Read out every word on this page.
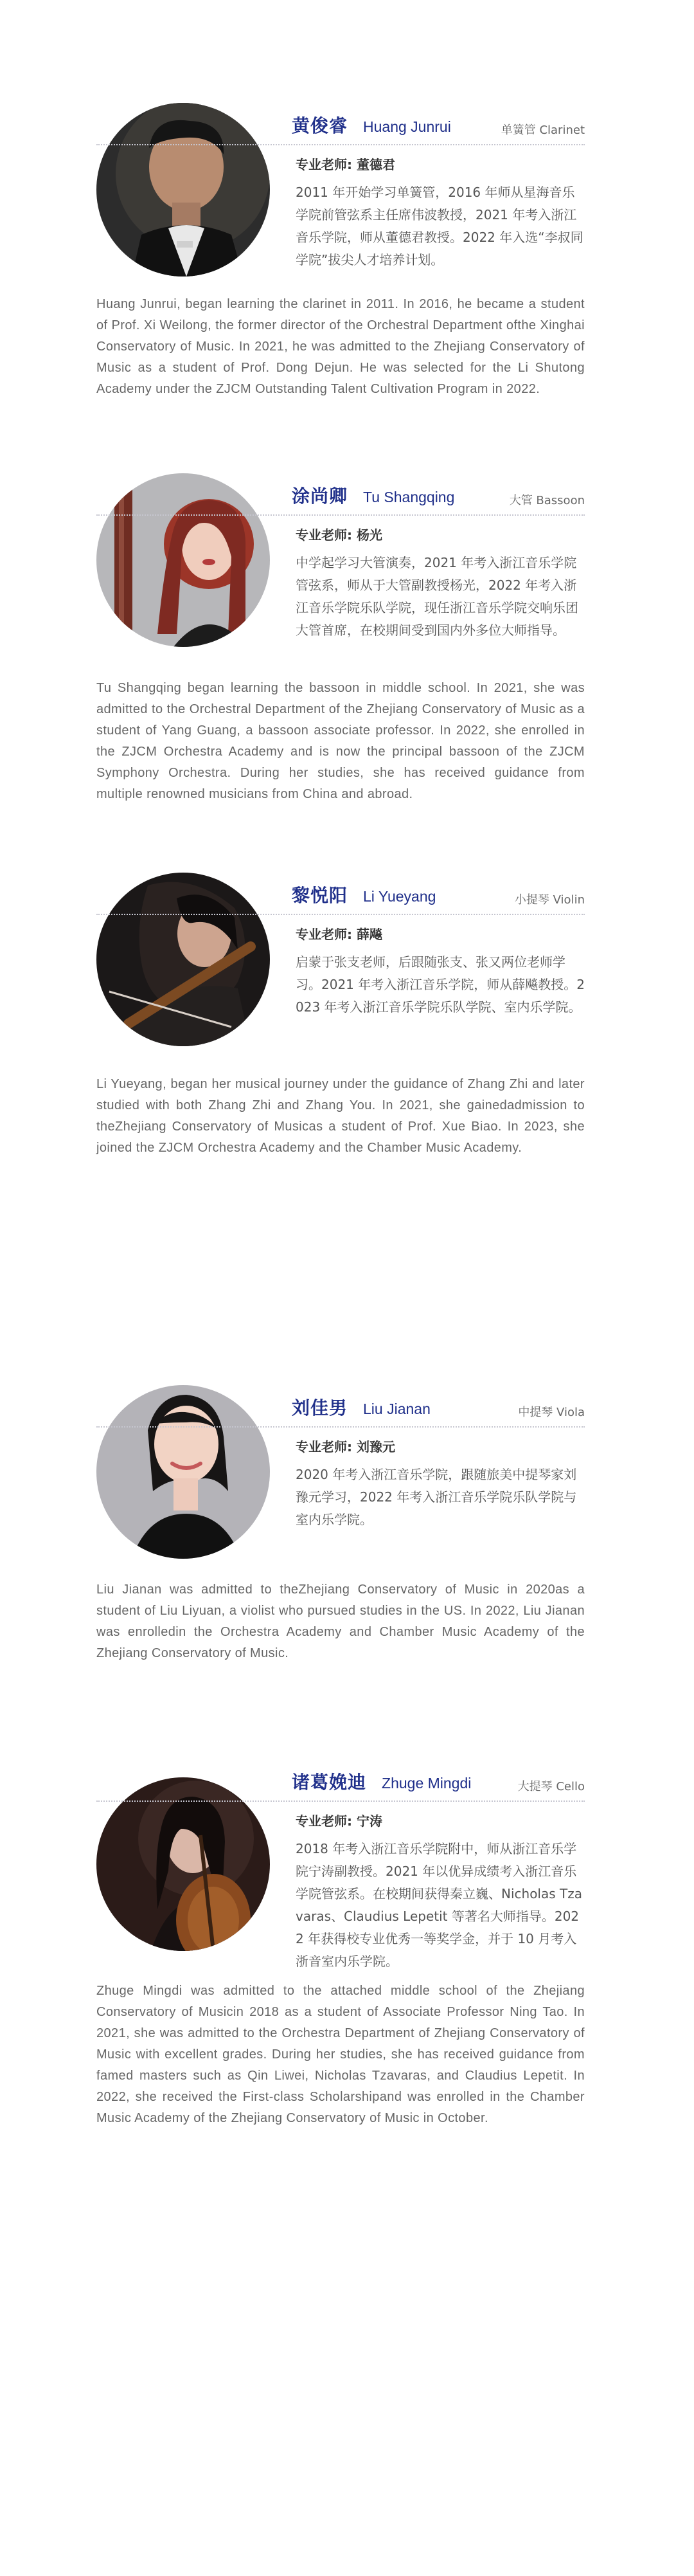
黄俊睿 Huang Junrui	单簧管 Clarinet
专业老师: 董德君
2011 年开始学习单簧管，2016 年师从星海音乐学院前管弦系主任席伟波教授，2021 年考入浙江音乐学院，师从董德君教授。2022 年入选“李叔同学院”拔尖人才培养计划。
Huang Junrui, began learning the clarinet in 2011. In 2016, he became a student of Prof. Xi Weilong, the former director of the Orchestral Department ofthe Xinghai Conservatory of Music. In 2021, he was admitted to the Zhejiang Conservatory of Music as a student of Prof. Dong Dejun. He was selected for the Li Shutong Academy under the ZJCM Outstanding Talent Cultivation Program in 2022.
涂尚卿 Tu Shangqing	大管 Bassoon
专业老师: 杨光
中学起学习大管演奏，2021 年考入浙江音乐学院管弦系，师从于大管副教授杨光，2022 年考入浙江音乐学院乐队学院，现任浙江音乐学院交响乐团大管首席，在校期间受到国内外多位大师指导。
Tu Shangqing began learning the bassoon in middle school. In 2021, she was admitted to the Orchestral Department of the Zhejiang Conservatory of Music as a student of Yang Guang, a bassoon associate professor. In 2022, she enrolled in the ZJCM Orchestra Academy and is now the principal bassoon of the ZJCM Symphony Orchestra. During her studies, she has received guidance from multiple renowned musicians from China and abroad.
黎悦阳 Li Yueyang	小提琴 Violin
专业老师: 薛飚
启蒙于张支老师，后跟随张支、张又两位老师学习。2021 年考入浙江音乐学院，师从薛飚教授。2023 年考入浙江音乐学院乐队学院、室内乐学院。
Li Yueyang, began her musical journey under the guidance of Zhang Zhi and later studied with both Zhang Zhi and Zhang You. In 2021, she gainedadmission to theZhejiang Conservatory of Musicas a student of Prof. Xue Biao. In 2023, she joined the ZJCM Orchestra Academy and the Chamber Music Academy.
刘佳男 Liu Jianan	中提琴 Viola
专业老师: 刘豫元
2020 年考入浙江音乐学院，跟随旅美中提琴家刘豫元学习，2022 年考入浙江音乐学院乐队学院与室内乐学院。
Liu Jianan was admitted to theZhejiang Conservatory of Music in 2020as a student of Liu Liyuan, a violist who pursued studies in the US. In 2022, Liu Jianan was enrolledin the Orchestra Academy and Chamber Music Academy of the Zhejiang Conservatory of Music.
诸葛娩迪 Zhuge Mingdi	大提琴 Cello
专业老师: 宁涛
2018 年考入浙江音乐学院附中，师从浙江音乐学院宁涛副教授。2021 年以优异成绩考入浙江音乐学院管弦系。在校期间获得秦立巍、Nicholas Tzavaras、Claudius Lepetit 等著名大师指导。2022 年获得校专业优秀一等奖学金，并于 10 月考入浙音室内乐学院。
Zhuge Mingdi was admitted to the attached middle school of the Zhejiang Conservatory of Musicin 2018 as a student of Associate Professor Ning Tao. In 2021, she was admitted to the Orchestra Department of Zhejiang Conservatory of Music with excellent grades. During her studies, she has received guidance from famed masters such as Qin Liwei, Nicholas Tzavaras, and Claudius Lepetit. In 2022, she received the First-class Scholarshipand was enrolled in the Chamber Music Academy of the Zhejiang Conservatory of Music in October.
